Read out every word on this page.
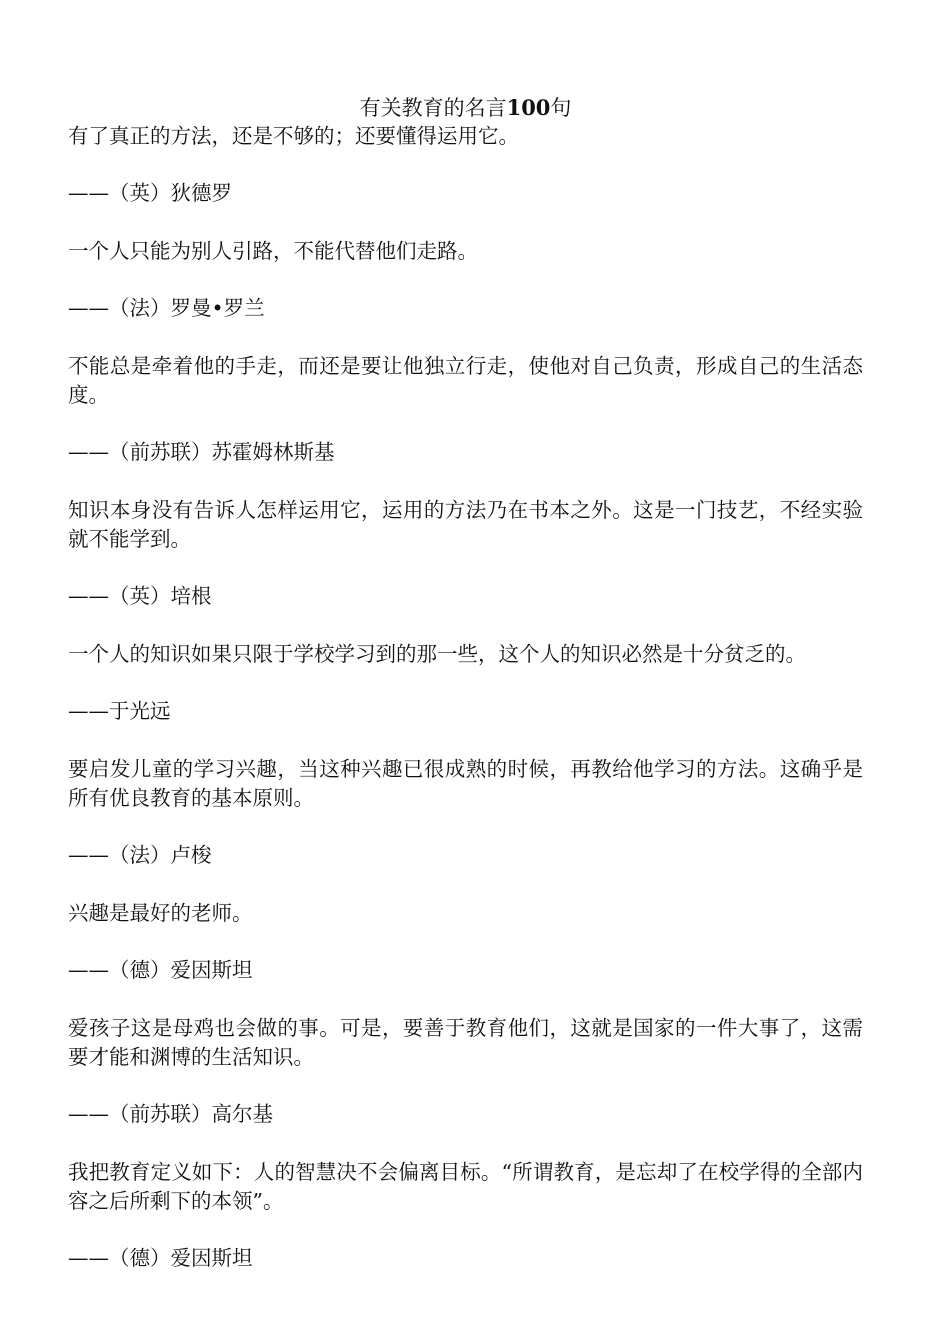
有关教育的名言100句

有了真正的方法，还是不够的；还要懂得运用它。

——（英）狄德罗

一个人只能为别人引路，不能代替他们走路。

——（法）罗曼•罗兰

不能总是牵着他的手走，而还是要让他独立行走，使他对自己负责，形成自己的生活态度。

——（前苏联）苏霍姆林斯基

知识本身没有告诉人怎样运用它，运用的方法乃在书本之外。这是一门技艺，不经实验就不能学到。

——（英）培根

一个人的知识如果只限于学校学习到的那一些，这个人的知识必然是十分贫乏的。

——于光远

要启发儿童的学习兴趣，当这种兴趣已很成熟的时候，再教给他学习的方法。这确乎是所有优良教育的基本原则。

——（法）卢梭

兴趣是最好的老师。

——（德）爱因斯坦

爱孩子这是母鸡也会做的事。可是，要善于教育他们，这就是国家的一件大事了，这需要才能和渊博的生活知识。

——（前苏联）高尔基

我把教育定义如下：人的智慧决不会偏离目标。“所谓教育，是忘却了在校学得的全部内容之后所剩下的本领”。

——（德）爱因斯坦
